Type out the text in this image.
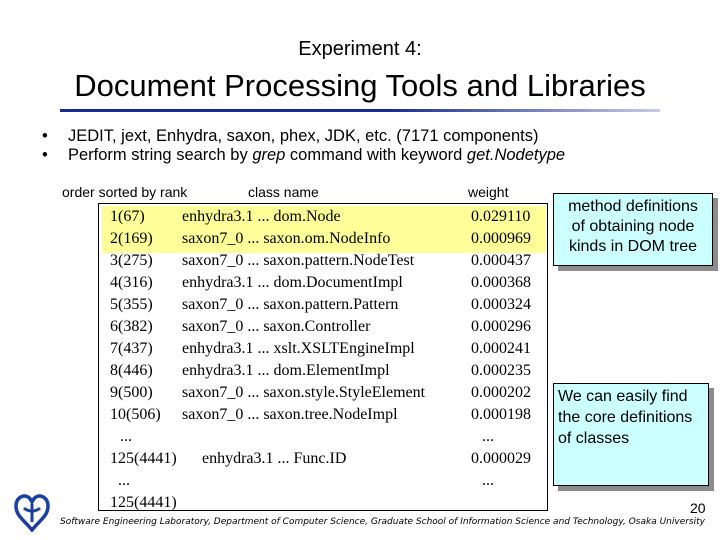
Experiment 4:
Document Processing Tools and Libraries
• JEDIT, jext, Enhydra, saxon, phex, JDK, etc. (7171 components)
• Perform string search by grep command with keyword get.Nodetype
order sorted by rank	class name	weight
1(67) enhydra3.1 ... dom.Node	0.029110
2(169) saxon7_0 ... saxon.om.NodeInfo	0.000969
3(275) saxon7_0 ... saxon.pattern.NodeTest	0.000437
4(316) enhydra3.1 ... dom.DocumentImpl	0.000368
5(355) saxon7_0 ... saxon.pattern.Pattern	0.000324
6(382) saxon7_0 ... saxon.Controller	0.000296
7(437) enhydra3.1 ... xslt.XSLTEngineImpl	0.000241
8(446) enhydra3.1 ... dom.ElementImpl	0.000235
9(500) saxon7_0 ... saxon.style.StyleElement	0.000202
10(506) saxon7_0 ... saxon.tree.NodeImpl	0.000198
...	...
125(4441) enhydra3.1 ... Func.ID	0.000029
...	...
125(4441)
method definitions
of obtaining node
kinds in DOM tree
We can easily find
the core definitions
of classes
Software Engineering Laboratory, Department of Computer Science, Graduate School of Information Science and Technology, Osaka University
20
